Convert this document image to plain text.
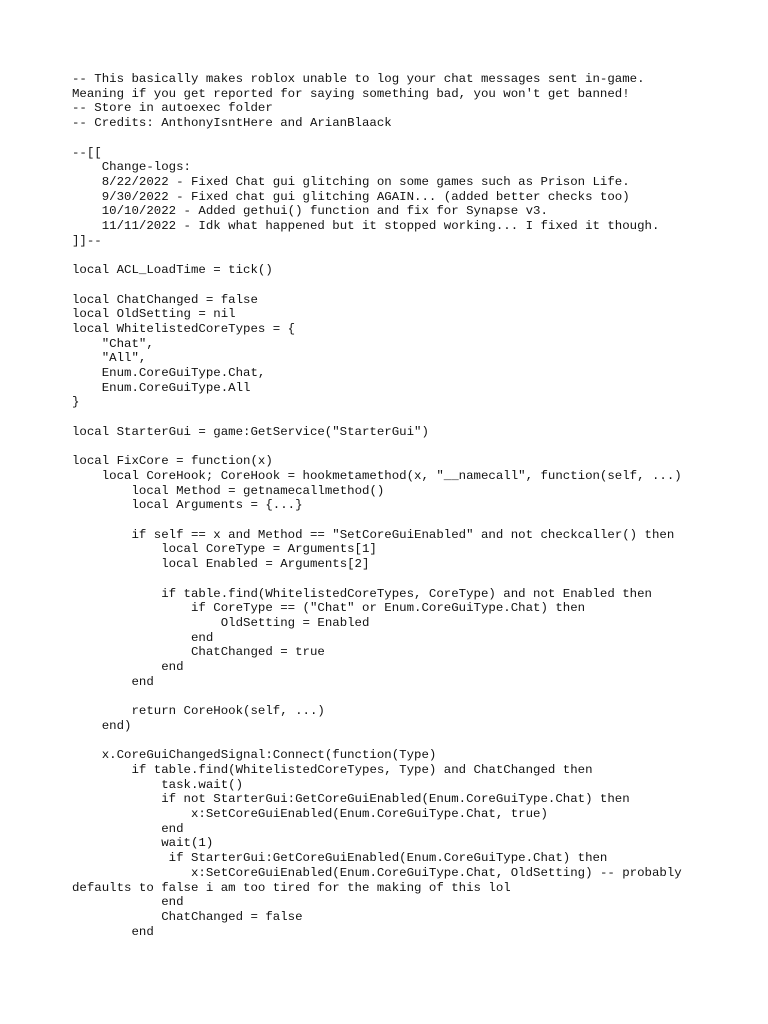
-- This basically makes roblox unable to log your chat messages sent in-game.
Meaning if you get reported for saying something bad, you won't get banned!
-- Store in autoexec folder
-- Credits: AnthonyIsntHere and ArianBlaack
--[[
Change-logs:
8/22/2022 - Fixed Chat gui glitching on some games such as Prison Life.
9/30/2022 - Fixed chat gui glitching AGAIN... (added better checks too)
10/10/2022 - Added gethui() function and fix for Synapse v3.
11/11/2022 - Idk what happened but it stopped working... I fixed it though.
]]--
local ACL_LoadTime = tick()
local ChatChanged = false
local OldSetting = nil
local WhitelistedCoreTypes = {
"Chat",
"All",
Enum.CoreGuiType.Chat,
Enum.CoreGuiType.All
}
local StarterGui = game:GetService("StarterGui")
local FixCore = function(x)
local CoreHook; CoreHook = hookmetamethod(x, "__namecall", function(self, ...)
local Method = getnamecallmethod()
local Arguments = {...}
if self == x and Method == "SetCoreGuiEnabled" and not checkcaller() then
local CoreType = Arguments[1]
local Enabled = Arguments[2]
if table.find(WhitelistedCoreTypes, CoreType) and not Enabled then
if CoreType == ("Chat" or Enum.CoreGuiType.Chat) then
OldSetting = Enabled
end
ChatChanged = true
end
end
return CoreHook(self, ...)
end)
x.CoreGuiChangedSignal:Connect(function(Type)
if table.find(WhitelistedCoreTypes, Type) and ChatChanged then
task.wait()
if not StarterGui:GetCoreGuiEnabled(Enum.CoreGuiType.Chat) then
x:SetCoreGuiEnabled(Enum.CoreGuiType.Chat, true)
end
wait(1)
if StarterGui:GetCoreGuiEnabled(Enum.CoreGuiType.Chat) then
x:SetCoreGuiEnabled(Enum.CoreGuiType.Chat, OldSetting) -- probably
defaults to false i am too tired for the making of this lol
end
ChatChanged = false
end
